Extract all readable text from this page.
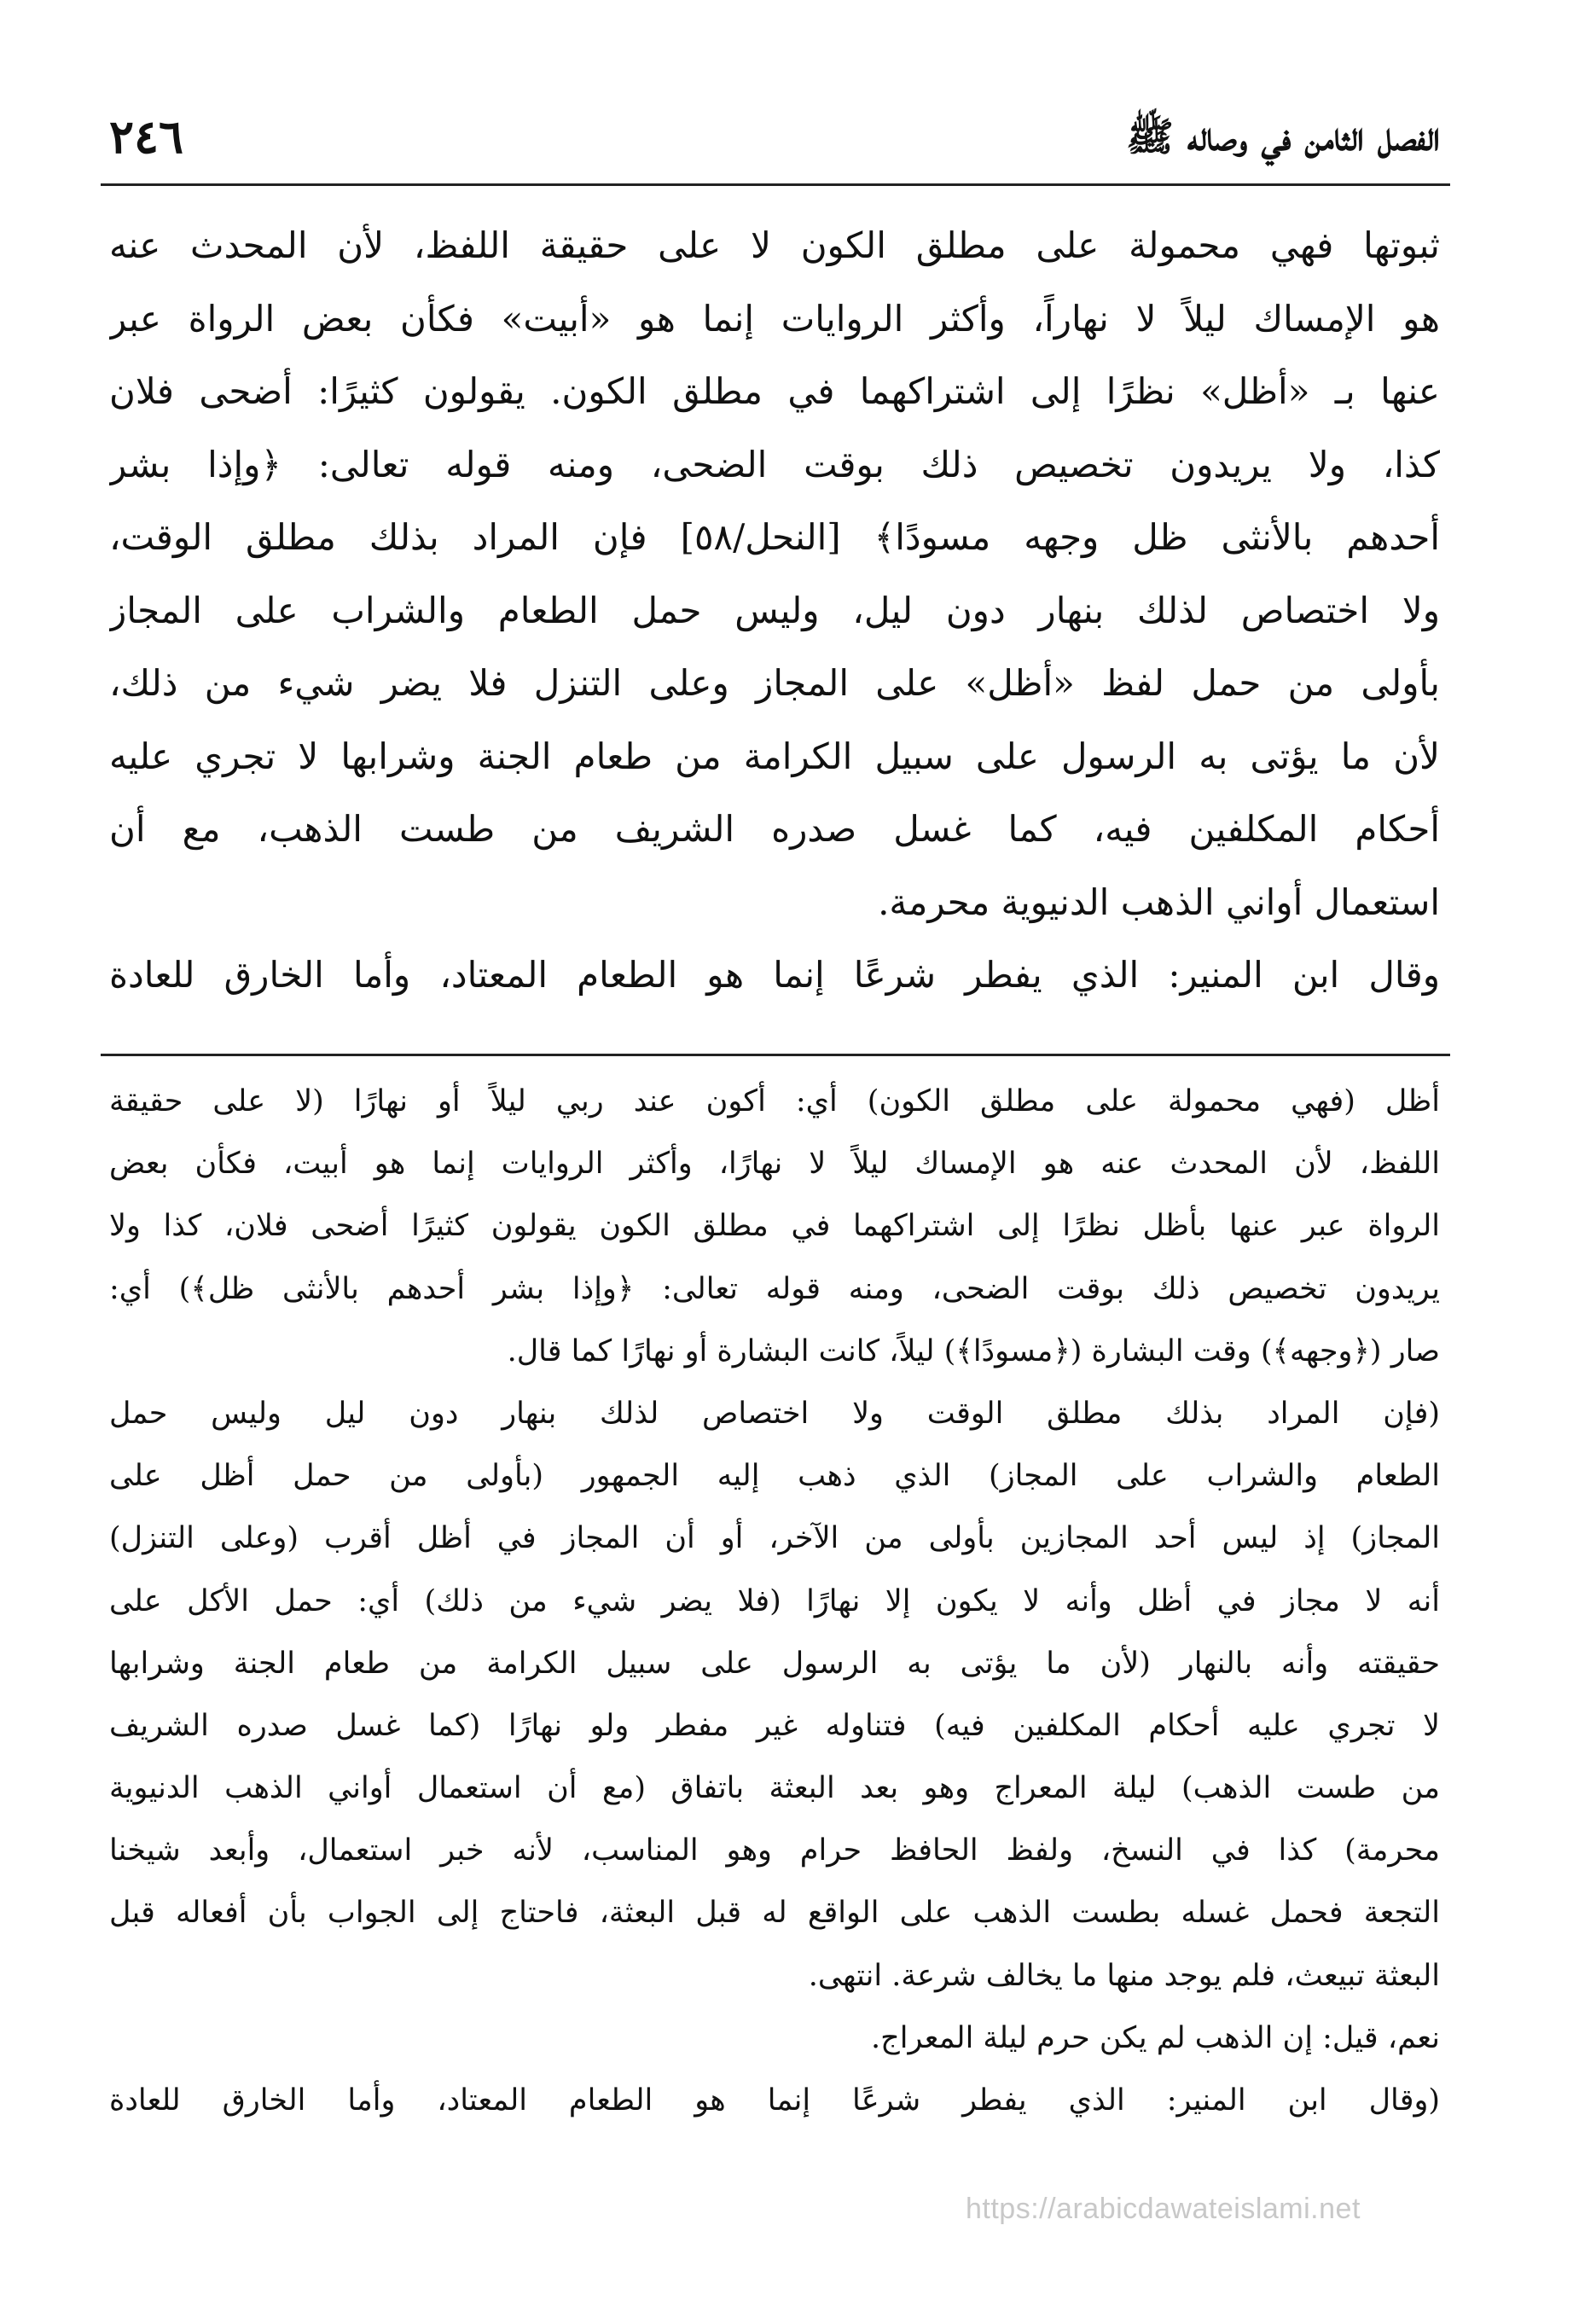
٢٤٦	الفصل الثامن في وصاله ﷺ
ثبوتها فهي محمولة على مطلق الكون لا على حقيقة اللفظ، لأن المحدث عنه
هو الإمساك ليلاً لا نهاراً، وأكثر الروايات إنما هو «أبيت» فكأن بعض الرواة عبر
عنها بـ «أظل» نظرًا إلى اشتراكهما في مطلق الكون. يقولون كثيرًا: أضحى فلان
كذا، ولا يريدون تخصيص ذلك بوقت الضحى، ومنه قوله تعالى: ﴿وإذا بشر
أحدهم بالأنثى ظل وجهه مسودًا﴾ [النحل/٥٨] فإن المراد بذلك مطلق الوقت،
ولا اختصاص لذلك بنهار دون ليل، وليس حمل الطعام والشراب على المجاز
بأولى من حمل لفظ «أظل» على المجاز وعلى التنزل فلا يضر شيء من ذلك،
لأن ما يؤتى به الرسول على سبيل الكرامة من طعام الجنة وشرابها لا تجري عليه
أحكام المكلفين فيه، كما غسل صدره الشريف من طست الذهب، مع أن
استعمال أواني الذهب الدنيوية محرمة.
وقال ابن المنير: الذي يفطر شرعًا إنما هو الطعام المعتاد، وأما الخارق للعادة
أظل (فهي محمولة على مطلق الكون) أي: أكون عند ربي ليلاً أو نهارًا (لا على حقيقة
اللفظ، لأن المحدث عنه هو الإمساك ليلاً لا نهارًا، وأكثر الروايات إنما هو أبيت، فكأن بعض
الرواة عبر عنها بأظل نظرًا إلى اشتراكهما في مطلق الكون يقولون كثيرًا أضحى فلان، كذا ولا
يريدون تخصيص ذلك بوقت الضحى، ومنه قوله تعالى: ﴿وإذا بشر أحدهم بالأنثى ظل﴾) أي:
صار (﴿وجهه﴾) وقت البشارة (﴿مسودًا﴾) ليلاً، كانت البشارة أو نهارًا كما قال.
(فإن المراد بذلك مطلق الوقت ولا اختصاص لذلك بنهار دون ليل وليس حمل
الطعام والشراب على المجاز) الذي ذهب إليه الجمهور (بأولى من حمل أظل على
المجاز) إذ ليس أحد المجازين بأولى من الآخر، أو أن المجاز في أظل أقرب (وعلى التنزل)
أنه لا مجاز في أظل وأنه لا يكون إلا نهارًا (فلا يضر شيء من ذلك) أي: حمل الأكل على
حقيقته وأنه بالنهار (لأن ما يؤتى به الرسول على سبيل الكرامة من طعام الجنة وشرابها
لا تجري عليه أحكام المكلفين فيه) فتناوله غير مفطر ولو نهارًا (كما غسل صدره الشريف
من طست الذهب) ليلة المعراج وهو بعد البعثة باتفاق (مع أن استعمال أواني الذهب الدنيوية
محرمة) كذا في النسخ، ولفظ الحافظ حرام وهو المناسب، لأنه خبر استعمال، وأبعد شيخنا
التجعة فحمل غسله بطست الذهب على الواقع له قبل البعثة، فاحتاج إلى الجواب بأن أفعاله قبل
البعثة تبيعث، فلم يوجد منها ما يخالف شرعة. انتهى.
نعم، قيل: إن الذهب لم يكن حرم ليلة المعراج.
(وقال ابن المنير: الذي يفطر شرعًا إنما هو الطعام المعتاد، وأما الخارق للعادة
https://arabicdawateislami.net
